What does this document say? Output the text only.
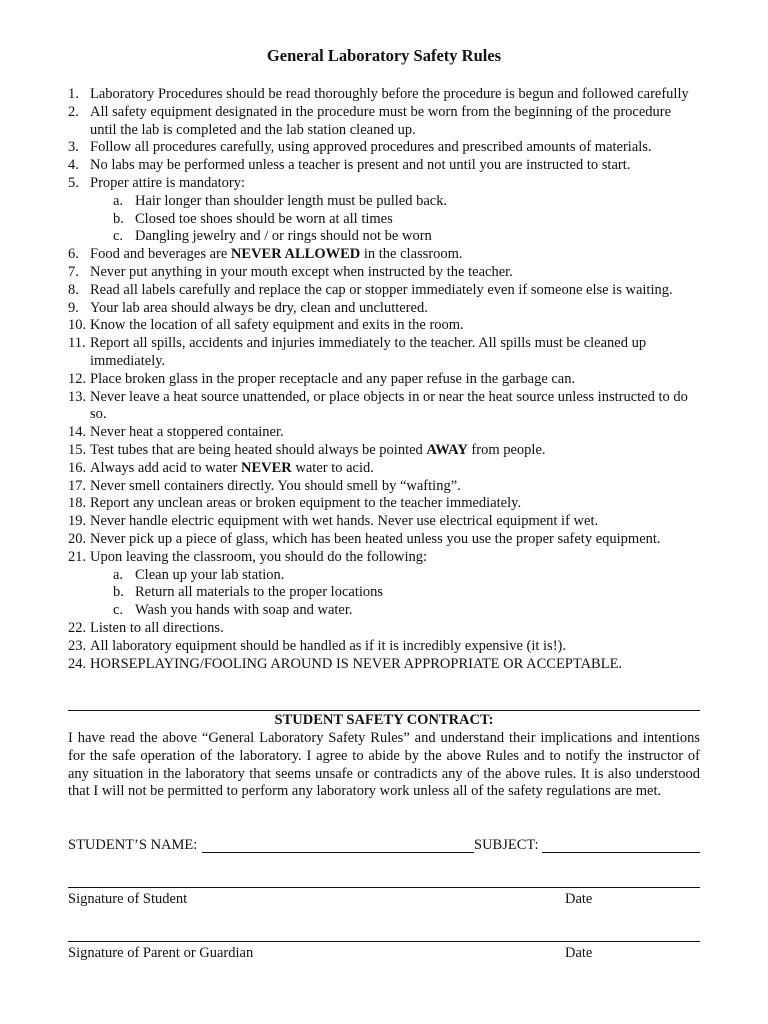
General Laboratory Safety Rules
1. Laboratory Procedures should be read thoroughly before the procedure is begun and followed carefully
2. All safety equipment designated in the procedure must be worn from the beginning of the procedure until the lab is completed and the lab station cleaned up.
3. Follow all procedures carefully, using approved procedures and prescribed amounts of materials.
4. No labs may be performed unless a teacher is present and not until you are instructed to start.
5. Proper attire is mandatory:
a. Hair longer than shoulder length must be pulled back.
b. Closed toe shoes should be worn at all times
c. Dangling jewelry and / or rings should not be worn
6. Food and beverages are NEVER ALLOWED in the classroom.
7. Never put anything in your mouth except when instructed by the teacher.
8. Read all labels carefully and replace the cap or stopper immediately even if someone else is waiting.
9. Your lab area should always be dry, clean and uncluttered.
10. Know the location of all safety equipment and exits in the room.
11. Report all spills, accidents and injuries immediately to the teacher. All spills must be cleaned up immediately.
12. Place broken glass in the proper receptacle and any paper refuse in the garbage can.
13. Never leave a heat source unattended, or place objects in or near the heat source unless instructed to do so.
14. Never heat a stoppered container.
15. Test tubes that are being heated should always be pointed AWAY from people.
16. Always add acid to water NEVER water to acid.
17. Never smell containers directly. You should smell by “wafting”.
18. Report any unclean areas or broken equipment to the teacher immediately.
19. Never handle electric equipment with wet hands. Never use electrical equipment if wet.
20. Never pick up a piece of glass, which has been heated unless you use the proper safety equipment.
21. Upon leaving the classroom, you should do the following:
a. Clean up your lab station.
b. Return all materials to the proper locations
c. Wash you hands with soap and water.
22. Listen to all directions.
23. All laboratory equipment should be handled as if it is incredibly expensive (it is!).
24. HORSEPLAYING/FOOLING AROUND IS NEVER APPROPRIATE OR ACCEPTABLE.
STUDENT SAFETY CONTRACT:
I have read the above “General Laboratory Safety Rules” and understand their implications and intentions for the safe operation of the laboratory. I agree to abide by the above Rules and to notify the instructor of any situation in the laboratory that seems unsafe or contradicts any of the above rules. It is also understood that I will not be permitted to perform any laboratory work unless all of the safety regulations are met.
STUDENT’S NAME:	SUBJECT:
Signature of Student	Date
Signature of Parent or Guardian	Date
